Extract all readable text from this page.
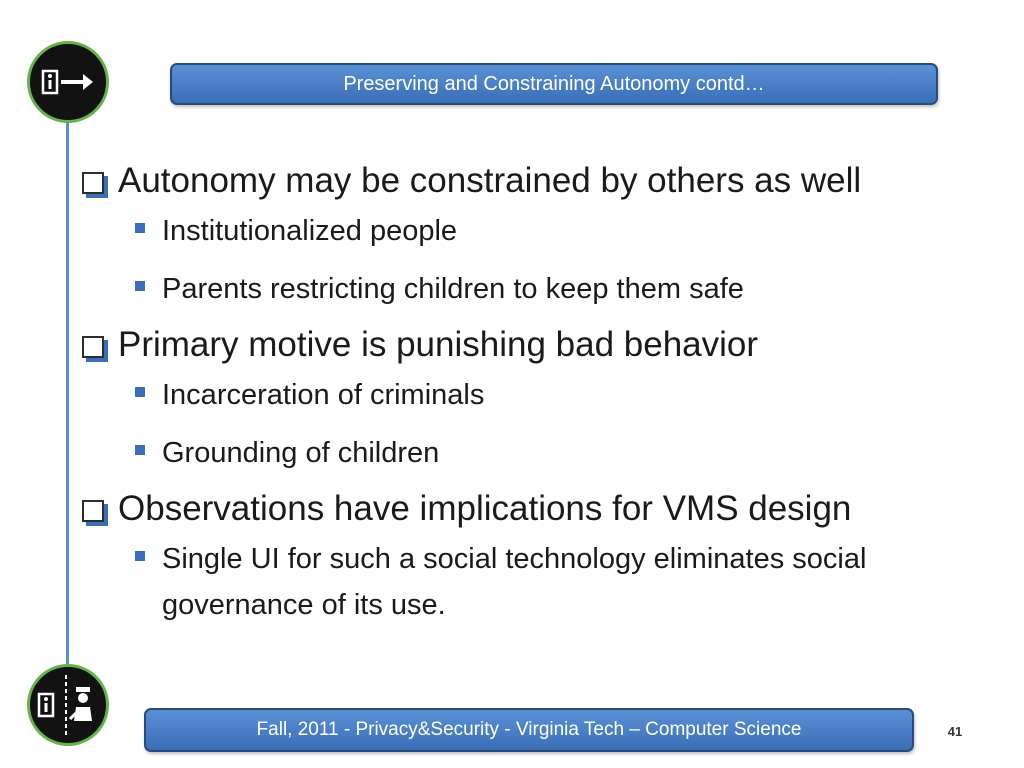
Preserving and Constraining Autonomy contd…
Autonomy may be constrained by others as well
Institutionalized people
Parents restricting children to keep them safe
Primary motive is punishing bad behavior
Incarceration of criminals
Grounding of children
Observations have implications for VMS design
Single UI for such a social technology eliminates social governance of its use.
Fall, 2011 - Privacy&Security - Virginia Tech – Computer Science	41
